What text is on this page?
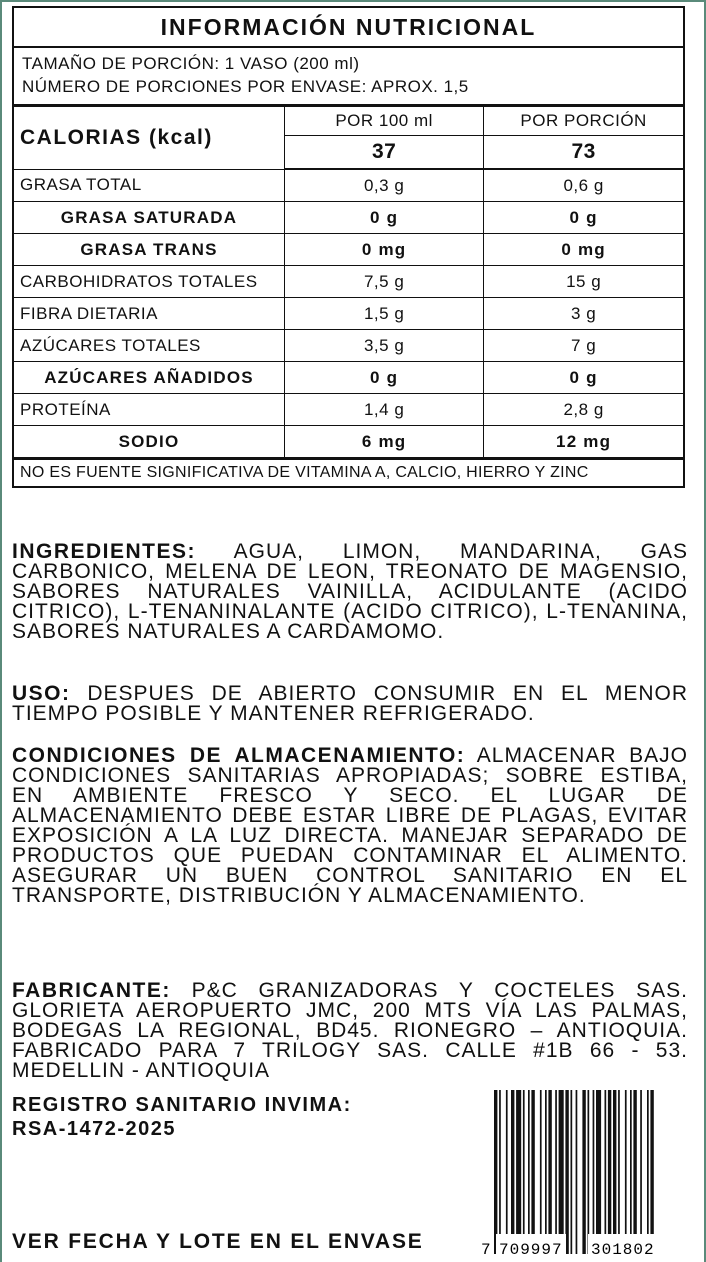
INFORMACIÓN NUTRICIONAL
TAMAÑO DE PORCIÓN: 1 VASO (200 ml)
NÚMERO DE PORCIONES POR ENVASE: APROX. 1,5
CALORIAS (kcal)	POR 100 ml	POR PORCIÓN
	37	73
GRASA TOTAL	0,3 g	0,6 g
GRASA SATURADA	0 g	0 g
GRASA TRANS	0 mg	0 mg
CARBOHIDRATOS TOTALES	7,5 g	15 g
FIBRA DIETARIA	1,5 g	3 g
AZÚCARES TOTALES	3,5 g	7 g
AZÚCARES AÑADIDOS	0 g	0 g
PROTEÍNA	1,4 g	2,8 g
SODIO	6 mg	12 mg
NO ES FUENTE SIGNIFICATIVA DE VITAMINA A, CALCIO, HIERRO Y ZINC
INGREDIENTES: AGUA, LIMON, MANDARINA, GAS CARBONICO, MELENA DE LEON, TREONATO DE MAGENSIO, SABORES NATURALES VAINILLA, ACIDULANTE (ACIDO CITRICO), L-TENANINALANTE (ACIDO CITRICO), L-TENANINA, SABORES NATURALES A CARDAMOMO.
USO: DESPUES DE ABIERTO CONSUMIR EN EL MENOR TIEMPO POSIBLE Y MANTENER REFRIGERADO.
CONDICIONES DE ALMACENAMIENTO: ALMACENAR BAJO CONDICIONES SANITARIAS APROPIADAS; SOBRE ESTIBA, EN AMBIENTE FRESCO Y SECO. EL LUGAR DE ALMACENAMIENTO DEBE ESTAR LIBRE DE PLAGAS, EVITAR EXPOSICIÓN A LA LUZ DIRECTA. MANEJAR SEPARADO DE PRODUCTOS QUE PUEDAN CONTAMINAR EL ALIMENTO. ASEGURAR UN BUEN CONTROL SANITARIO EN EL TRANSPORTE, DISTRIBUCIÓN Y ALMACENAMIENTO.
FABRICANTE: P&C GRANIZADORAS Y COCTELES SAS. GLORIETA AEROPUERTO JMC, 200 MTS VÍA LAS PALMAS, BODEGAS LA REGIONAL, BD45. RIONEGRO – ANTIOQUIA. FABRICADO PARA 7 TRILOGY SAS. CALLE #1B 66 - 53. MEDELLIN - ANTIOQUIA
REGISTRO SANITARIO INVIMA:
RSA-1472-2025
VER FECHA Y LOTE EN EL ENVASE	7 709997 301802
